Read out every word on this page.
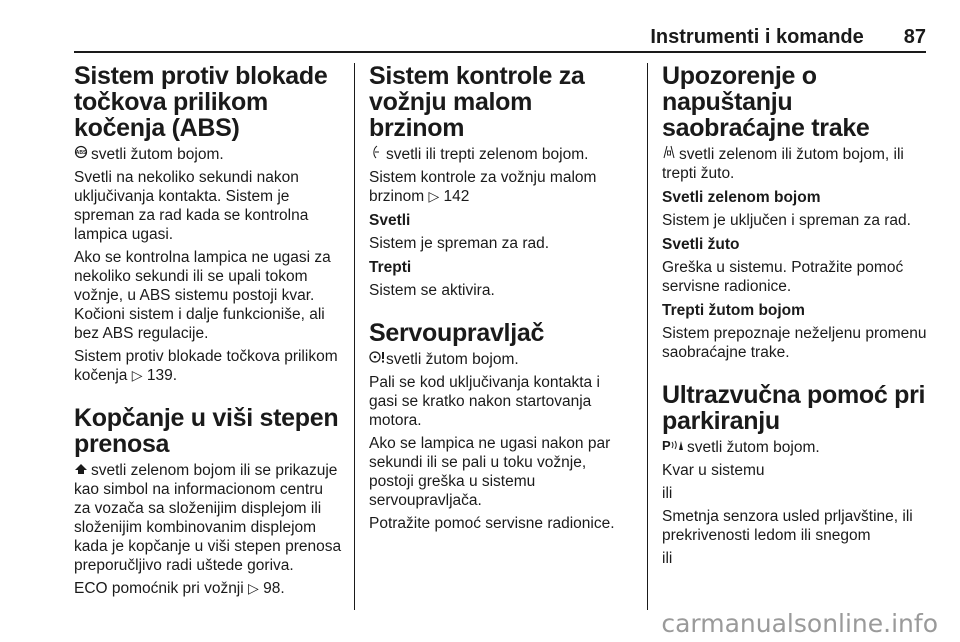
Instrumenti i komande 87
Sistem protiv blokade točkova prilikom kočenja (ABS)

ABS svetli žutom bojom.

Svetli na nekoliko sekundi nakon uključivanja kontakta. Sistem je spreman za rad kada se kontrolna lampica ugasi.

Ako se kontrolna lampica ne ugasi za nekoliko sekundi ili se upali tokom vožnje, u ABS sistemu postoji kvar. Kočioni sistem i dalje funkcioniše, ali bez ABS regulacije.

Sistem protiv blokade točkova prilikom kočenja ▷ 139.

Kopčanje u viši stepen prenosa

svetli zelenom bojom ili se prikazuje kao simbol na informacionom centru za vozača sa složenijim displejom ili složenijim kombinovanim displejom kada je kopčanje u viši stepen prenosa preporučljivo radi uštede goriva.

ECO pomoćnik pri vožnji ▷ 98.

Sistem kontrole za vožnju malom brzinom

svetli ili trepti zelenom bojom.

Sistem kontrole za vožnju malom brzinom ▷ 142

Svetli

Sistem je spreman za rad.

Trepti

Sistem se aktivira.

Servoupravljač

svetli žutom bojom.

Pali se kod uključivanja kontakta i gasi se kratko nakon startovanja motora.

Ako se lampica ne ugasi nakon par sekundi ili se pali u toku vožnje, postoji greška u sistemu servoupravljača.

Potražite pomoć servisne radionice.

Upozorenje o napuštanju saobraćajne trake

svetli zelenom ili žutom bojom, ili trepti žuto.

Svetli zelenom bojom

Sistem je uključen i spreman za rad.

Svetli žuto

Greška u sistemu. Potražite pomoć servisne radionice.

Trepti žutom bojom

Sistem prepoznaje neželjenu promenu saobraćajne trake.

Ultrazvučna pomoć pri parkiranju

P svetli žutom bojom.

Kvar u sistemu

ili

Smetnja senzora usled prljavštine, ili prekrivenosti ledom ili snegom

ili

carmanualsonline.info
